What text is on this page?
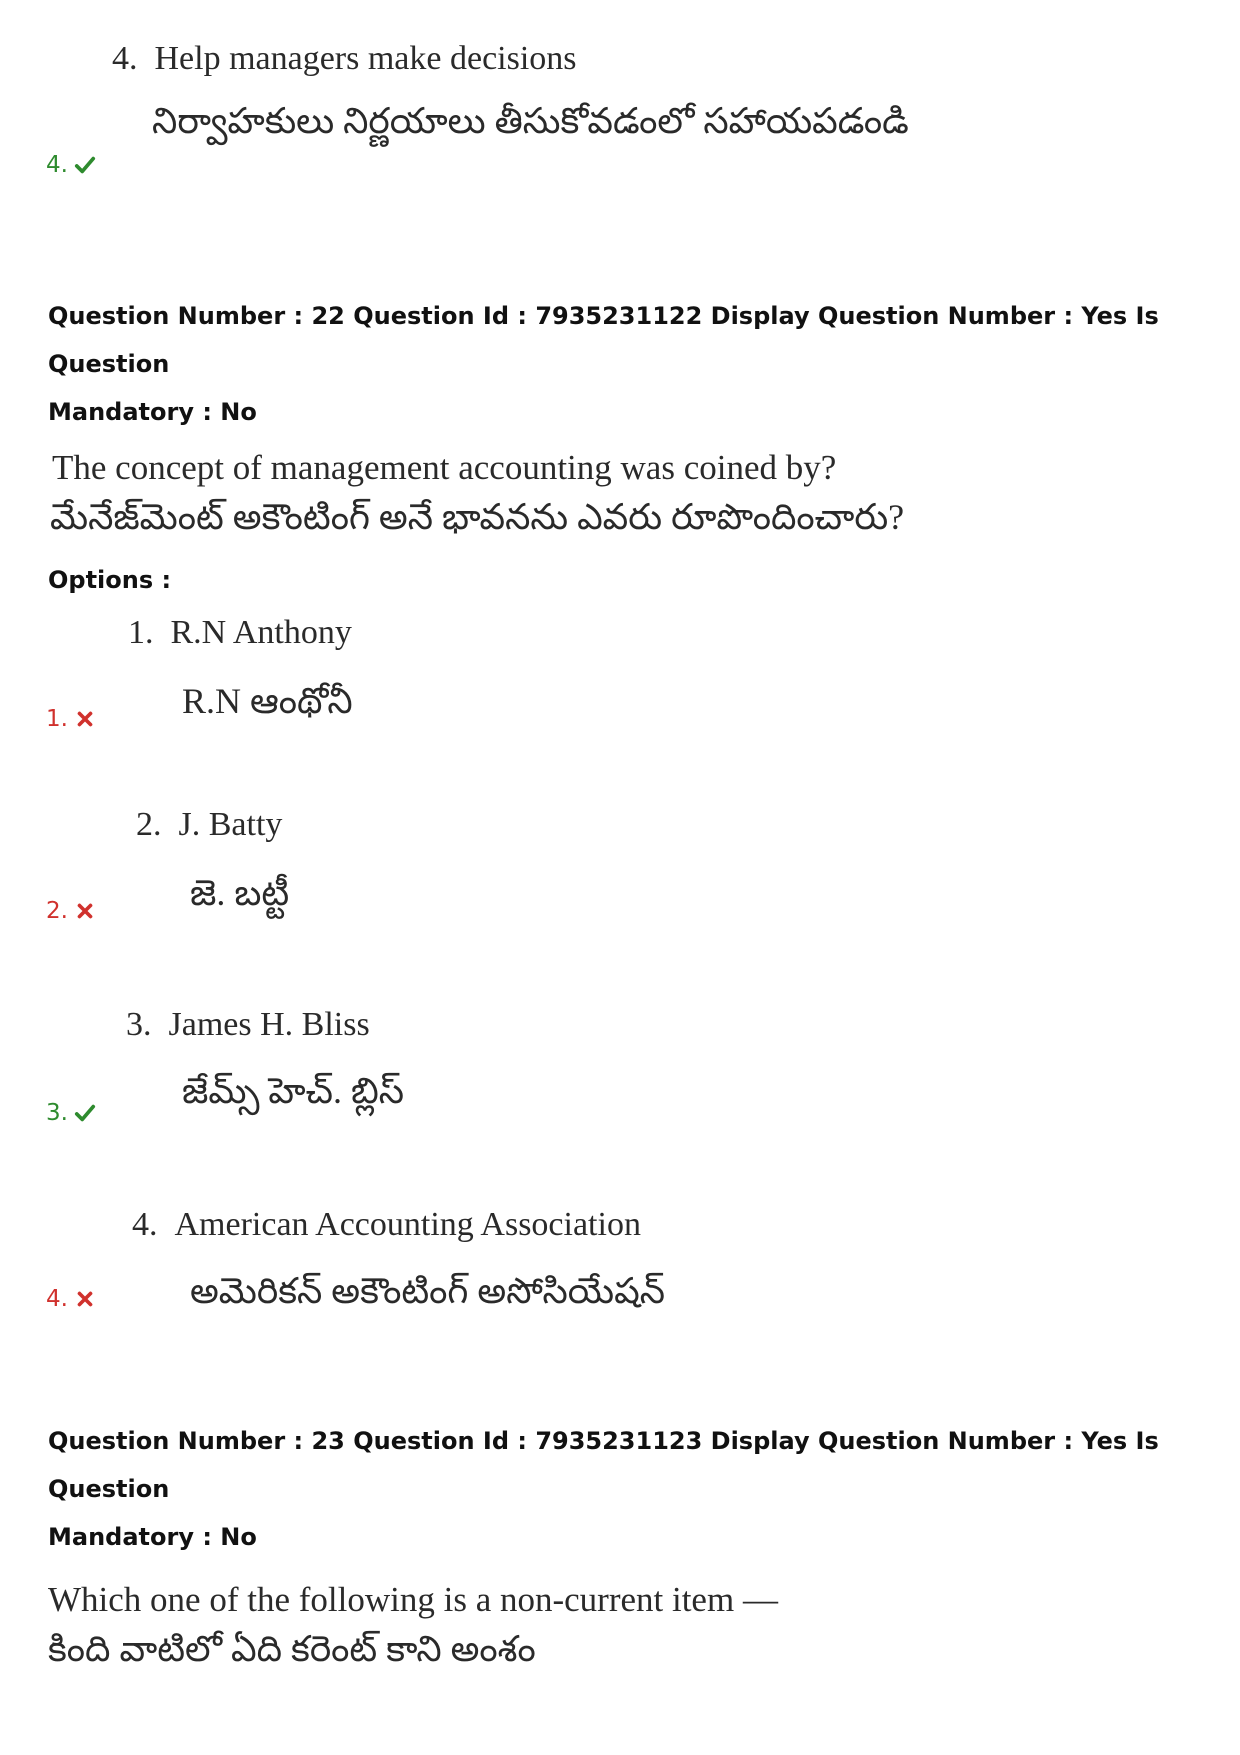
4. Help managers make decisions
నిర్వాహకులు నిర్ణయాలు తీసుకోవడంలో సహాయపడండి
4.
Question Number : 22 Question Id : 7935231122 Display Question Number : Yes Is Question
Mandatory : No
The concept of management accounting was coined by?
మేనేజ్‌మెంట్ అకౌంటింగ్ అనే భావనను ఎవరు రూపొందించారు?
Options :
1. R.N Anthony
R.N ఆంథోనీ
1.
2. J. Batty
జె. బట్టీ
2.
3. James H. Bliss
జేమ్స్ హెచ్. బ్లిస్
3.
4. American Accounting Association
అమెరికన్ అకౌంటింగ్ అసోసియేషన్
4.
Question Number : 23 Question Id : 7935231123 Display Question Number : Yes Is Question
Mandatory : No
Which one of the following is a non-current item —
కింది వాటిలో ఏది కరెంట్ కాని అంశం
